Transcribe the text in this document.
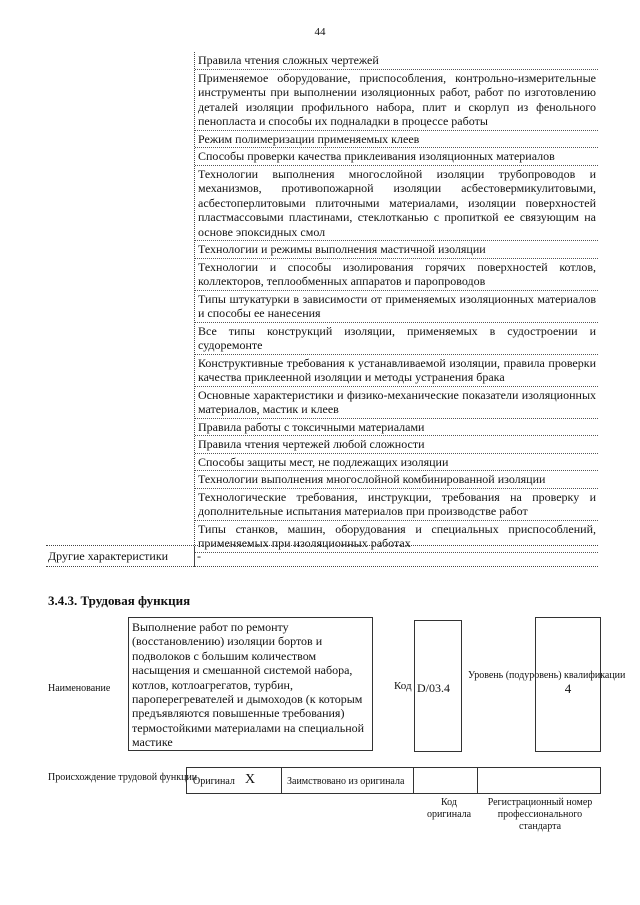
44
Правила чтения сложных чертежей
Применяемое оборудование, приспособления, контрольно-измерительные инструменты при выполнении изоляционных работ, работ по изготовлению деталей изоляции профильного набора, плит и скорлуп из фенольного пенопласта и способы их подналадки в процессе работы
Режим полимеризации применяемых клеев
Способы проверки качества приклеивания изоляционных материалов
Технологии выполнения многослойной изоляции трубопроводов и механизмов, противопожарной изоляции асбестовермикулитовыми, асбестоперлитовыми плиточными материалами, изоляции поверхностей пластмассовыми пластинами, стеклотканью с пропиткой ее связующим на основе эпоксидных смол
Технологии и режимы выполнения мастичной изоляции
Технологии и способы изолирования горячих поверхностей котлов, коллекторов, теплообменных аппаратов и паропроводов
Типы штукатурки в зависимости от применяемых изоляционных материалов и способы ее нанесения
Все типы конструкций изоляции, применяемых в судостроении и судоремонте
Конструктивные требования к устанавливаемой изоляции, правила проверки качества приклеенной изоляции и методы устранения брака
Основные характеристики и физико-механические показатели изоляционных материалов, мастик и клеев
Правила работы с токсичными материалами
Правила чтения чертежей любой сложности
Способы защиты мест, не подлежащих изоляции
Технологии выполнения многослойной комбинированной изоляции
Технологические требования, инструкции, требования на проверку и дополнительные испытания материалов при производстве работ
Типы станков, машин, оборудования и специальных приспособлений, применяемых при изоляционных работах
Другие характеристики -
3.4.3. Трудовая функция
Наименование
Выполнение работ по ремонту (восстановлению) изоляции бортов и подволоков с большим количеством насыщения и смешанной системой набора, котлов, котлоагрегатов, турбин, пароперегревателей и дымоходов (к которым предъявляются повышенные требования) термостойкими материалами на специальной мастике
Код D/03.4
Уровень (подуровень) квалификации
4
Происхождение трудовой функции
Оригинал X	Заимствовано из оригинала
Код оригинала
Регистрационный номер профессионального стандарта
